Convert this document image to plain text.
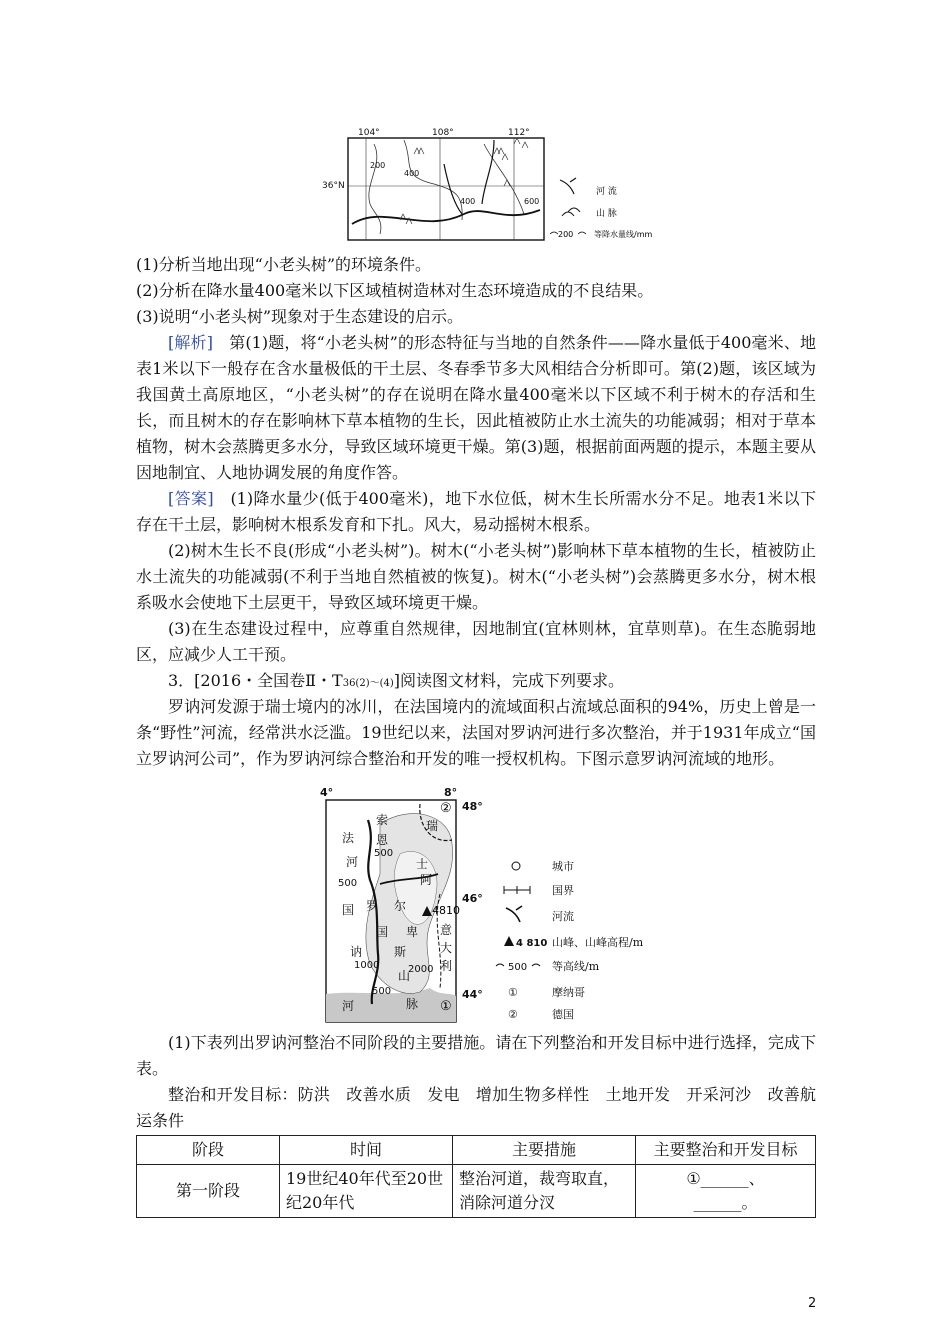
104°	108°	112°
36°N
200
400
400	600
河 流
山 脉
200	等降水量线/mm
(1)分析当地出现“小老头树”的环境条件。
(2)分析在降水量400毫米以下区域植树造林对生态环境造成的不良结果。
(3)说明“小老头树”现象对于生态建设的启示。
[解析]　 第(1)题，将“小老头树”的形态特征与当地的自然条件——降水量低于400毫米、地表1米以下一般存在含水量极低的干土层、冬春季节多大风相结合分析即可。第(2)题，该区域为我国黄土高原地区，“小老头树”的存在说明在降水量400毫米以下区域不利于树木的存活和生长，而且树木的存在影响林下草本植物的生长，因此植被防止水土流失的功能减弱；相对于草本植物，树木会蒸腾更多水分，导致区域环境更干燥。第(3)题，根据前面两题的提示，本题主要从因地制宜、人地协调发展的角度作答。
[答案]　 (1)降水量少(低于400毫米)，地下水位低，树木生长所需水分不足。地表1米以下存在干土层，影响树木根系发育和下扎。风大，易动摇树木根系。
(2)树木生长不良(形成“小老头树”)。树木(“小老头树”)影响林下草本植物的生长，植被防止水土流失的功能减弱(不利于当地自然植被的恢复)。树木(“小老头树”)会蒸腾更多水分，树木根系吸水会使地下土层更干，导致区域环境更干燥。
(3)在生态建设过程中，应尊重自然规律，因地制宜(宜林则林，宜草则草)。在生态脆弱地区，应减少人工干预。
3．[2016・全国卷Ⅱ・T36(2)～(4)]阅读图文材料，完成下列要求。
罗讷河发源于瑞士境内的冰川，在法国境内的流域面积占流域总面积的94%，历史上曾是一条“野性”河流，经常洪水泛滥。19世纪以来，法国对罗讷河进行多次整治，并于1931年成立“国立罗讷河公司”，作为罗讷河综合整治和开发的唯一授权机构。下图示意罗讷河流域的地形。
4°	8°
48°
46°
44°
法
国
索
恩
河
罗
讷
河
瑞
士
阿
尔
卑
斯
山
脉
意
大
利
国
500
500
1000	2000
500
4810
②
①
城市
国界
河流
4 810 山峰、山峰高程/m
500 等高线/m
①	摩纳哥
②	德国
(1)下表列出罗讷河整治不同阶段的主要措施。请在下列整治和开发目标中进行选择，完成下表。
整治和开发目标：防洪　改善水质　发电　增加生物多样性　土地开发　开采河沙　改善航运条件
阶段	时间	主要措施	主要整治和开发目标
第一阶段	19世纪40年代至20世纪20年代	整治河道，裁弯取直，消除河道分汊	①______、
______。
2
